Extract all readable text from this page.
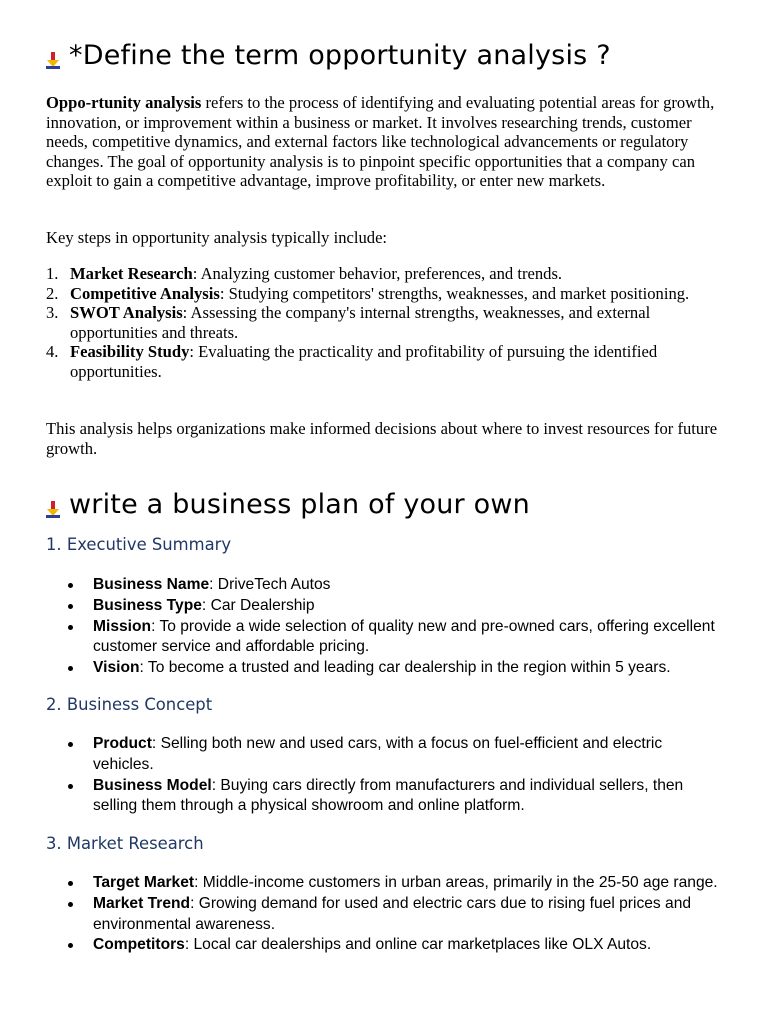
*Define the term opportunity analysis ?

Oppo-rtunity analysis refers to the process of identifying and evaluating potential areas for growth, innovation, or improvement within a business or market. It involves researching trends, customer needs, competitive dynamics, and external factors like technological advancements or regulatory changes. The goal of opportunity analysis is to pinpoint specific opportunities that a company can exploit to gain a competitive advantage, improve profitability, or enter new markets.

Key steps in opportunity analysis typically include:

1. Market Research: Analyzing customer behavior, preferences, and trends.
2. Competitive Analysis: Studying competitors' strengths, weaknesses, and market positioning.
3. SWOT Analysis: Assessing the company's internal strengths, weaknesses, and external opportunities and threats.
4. Feasibility Study: Evaluating the practicality and profitability of pursuing the identified opportunities.

This analysis helps organizations make informed decisions about where to invest resources for future growth.

write a business plan of your own
1. Executive Summary
Business Name: DriveTech Autos
Business Type: Car Dealership
Mission: To provide a wide selection of quality new and pre-owned cars, offering excellent customer service and affordable pricing.
Vision: To become a trusted and leading car dealership in the region within 5 years.
2. Business Concept
Product: Selling both new and used cars, with a focus on fuel-efficient and electric vehicles.
Business Model: Buying cars directly from manufacturers and individual sellers, then selling them through a physical showroom and online platform.
3. Market Research
Target Market: Middle-income customers in urban areas, primarily in the 25-50 age range.
Market Trend: Growing demand for used and electric cars due to rising fuel prices and environmental awareness.
Competitors: Local car dealerships and online car marketplaces like OLX Autos.
